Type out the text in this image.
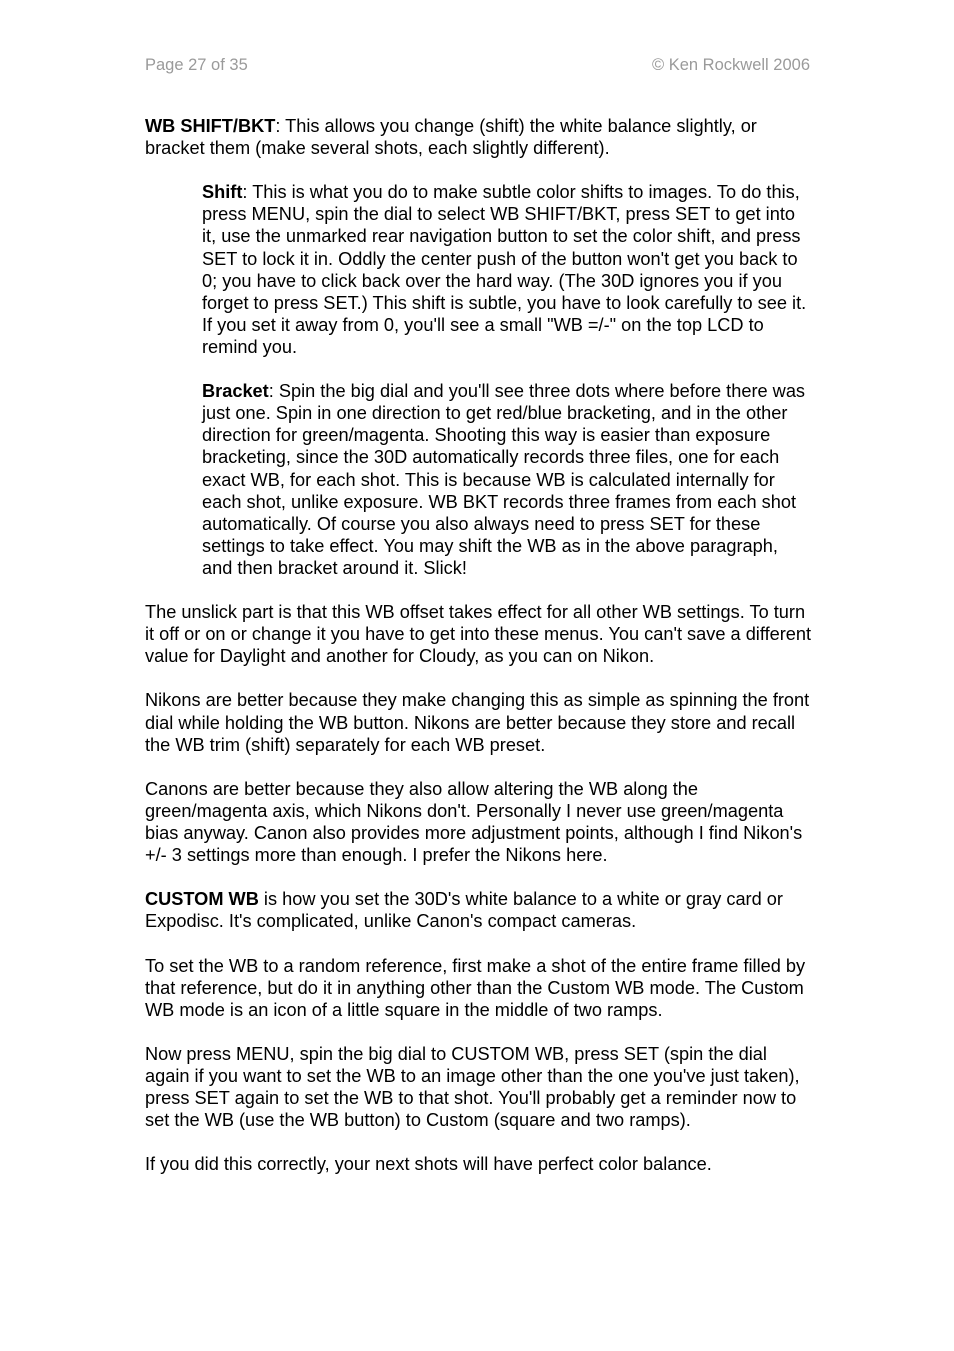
Page 27 of 35	© Ken Rockwell 2006

WB SHIFT/BKT: This allows you change (shift) the white balance slightly, or bracket them (make several shots, each slightly different).

Shift: This is what you do to make subtle color shifts to images. To do this, press MENU, spin the dial to select WB SHIFT/BKT, press SET to get into it, use the unmarked rear navigation button to set the color shift, and press SET to lock it in. Oddly the center push of the button won't get you back to 0; you have to click back over the hard way. (The 30D ignores you if you forget to press SET.) This shift is subtle, you have to look carefully to see it. If you set it away from 0, you'll see a small "WB =/-" on the top LCD to remind you.

Bracket: Spin the big dial and you'll see three dots where before there was just one. Spin in one direction to get red/blue bracketing, and in the other direction for green/magenta. Shooting this way is easier than exposure bracketing, since the 30D automatically records three files, one for each exact WB, for each shot. This is because WB is calculated internally for each shot, unlike exposure. WB BKT records three frames from each shot automatically. Of course you also always need to press SET for these settings to take effect. You may shift the WB as in the above paragraph, and then bracket around it. Slick!

The unslick part is that this WB offset takes effect for all other WB settings. To turn it off or on or change it you have to get into these menus. You can't save a different value for Daylight and another for Cloudy, as you can on Nikon.

Nikons are better because they make changing this as simple as spinning the front dial while holding the WB button. Nikons are better because they store and recall the WB trim (shift) separately for each WB preset.

Canons are better because they also allow altering the WB along the green/magenta axis, which Nikons don't. Personally I never use green/magenta bias anyway. Canon also provides more adjustment points, although I find Nikon's +/- 3 settings more than enough. I prefer the Nikons here.

CUSTOM WB is how you set the 30D's white balance to a white or gray card or Expodisc. It's complicated, unlike Canon's compact cameras.

To set the WB to a random reference, first make a shot of the entire frame filled by that reference, but do it in anything other than the Custom WB mode. The Custom WB mode is an icon of a little square in the middle of two ramps.

Now press MENU, spin the big dial to CUSTOM WB, press SET (spin the dial again if you want to set the WB to an image other than the one you've just taken), press SET again to set the WB to that shot. You'll probably get a reminder now to set the WB (use the WB button) to Custom (square and two ramps).

If you did this correctly, your next shots will have perfect color balance.
